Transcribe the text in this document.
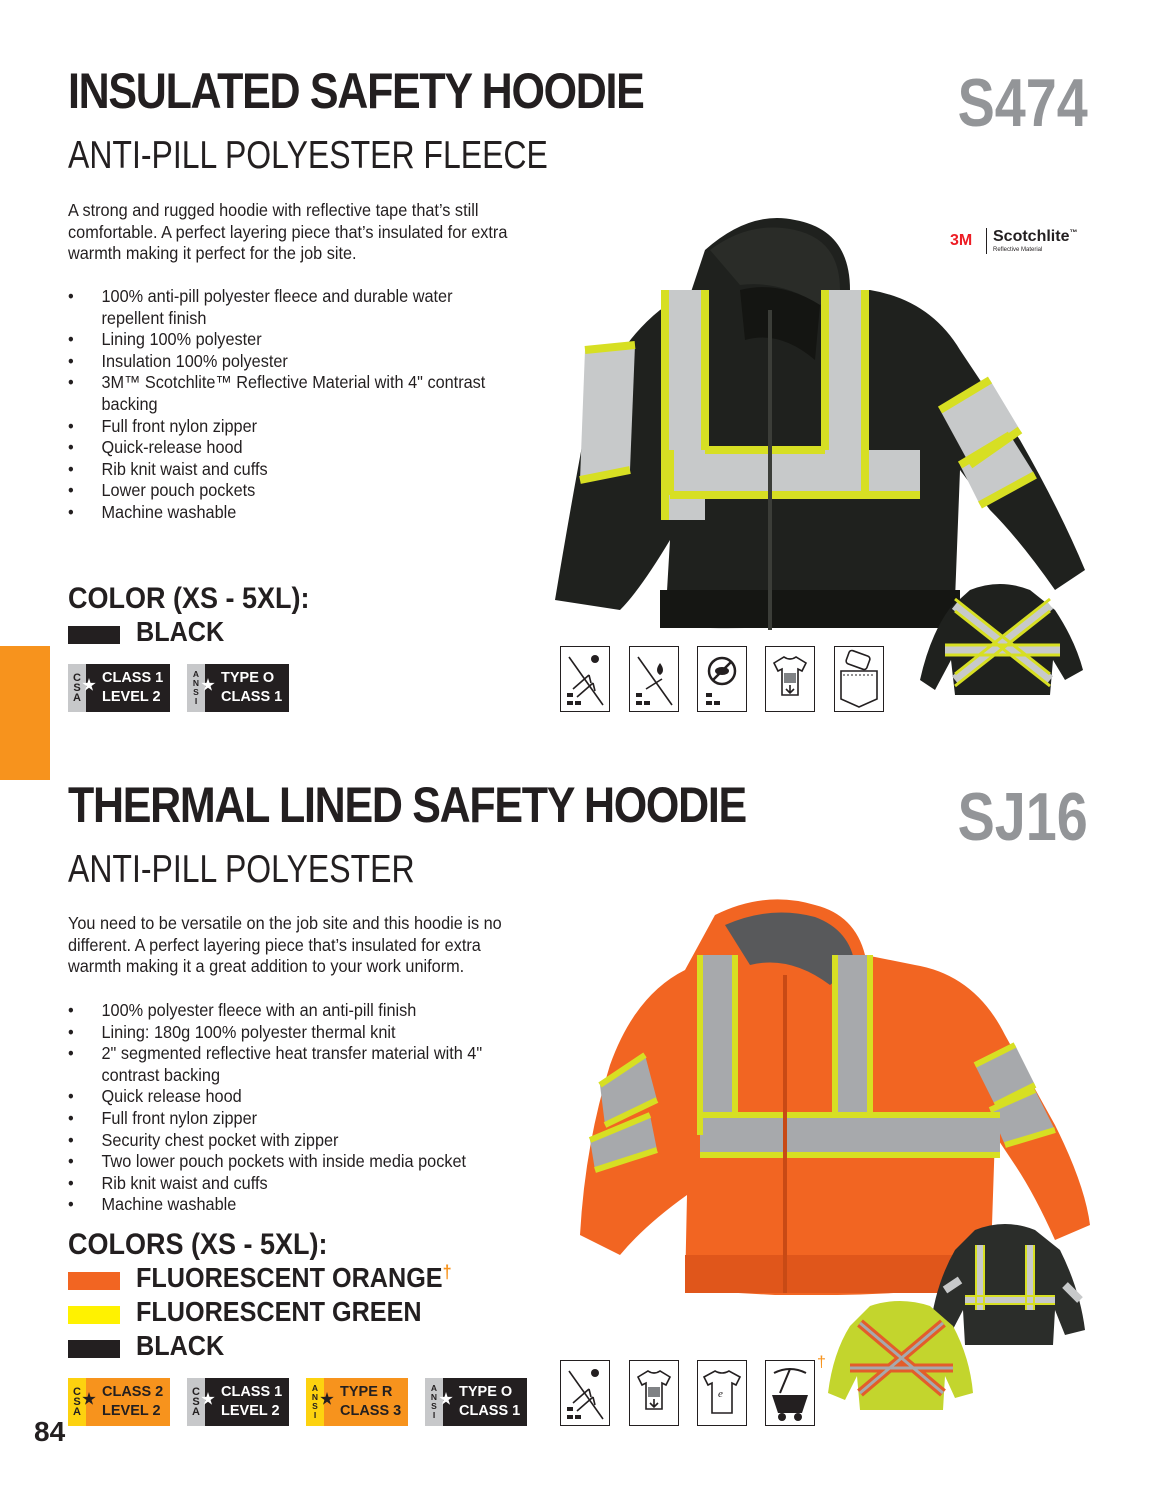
INSULATED SAFETY HOODIE	S474
ANTI-PILL POLYESTER FLEECE
A strong and rugged hoodie with reflective tape that’s still comfortable. A perfect layering piece that’s insulated for extra warmth making it perfect for the job site.
• 100% anti-pill polyester fleece and durable water repellent finish
• Lining 100% polyester
• Insulation 100% polyester
• 3M™ Scotchlite™ Reflective Material with 4" contrast backing
• Full front nylon zipper
• Quick-release hood
• Rib knit waist and cuffs
• Lower pouch pockets
• Machine washable
COLOR (XS - 5XL):
BLACK
C
S
A
CLASS 1
LEVEL 2
A
N
S
I
TYPE O
CLASS 1
3M Scotchlite™
Reflective Material
THERMAL LINED SAFETY HOODIE	SJ16
ANTI-PILL POLYESTER
You need to be versatile on the job site and this hoodie is no different. A perfect layering piece that’s insulated for extra warmth making it a great addition to your work uniform.
• 100% polyester fleece with an anti-pill finish
• Lining: 180g 100% polyester thermal knit
• 2" segmented reflective heat transfer material with 4" contrast backing
• Quick release hood
• Full front nylon zipper
• Security chest pocket with zipper
• Two lower pouch pockets with inside media pocket
• Rib knit waist and cuffs
• Machine washable
COLORS (XS - 5XL):
FLUORESCENT ORANGE†
FLUORESCENT GREEN
BLACK
C
S
A
CLASS 2
LEVEL 2
C
S
A
CLASS 1
LEVEL 2
A
N
S
I
TYPE R
CLASS 3
A
N
S
I
TYPE O
CLASS 1
e
†
84
